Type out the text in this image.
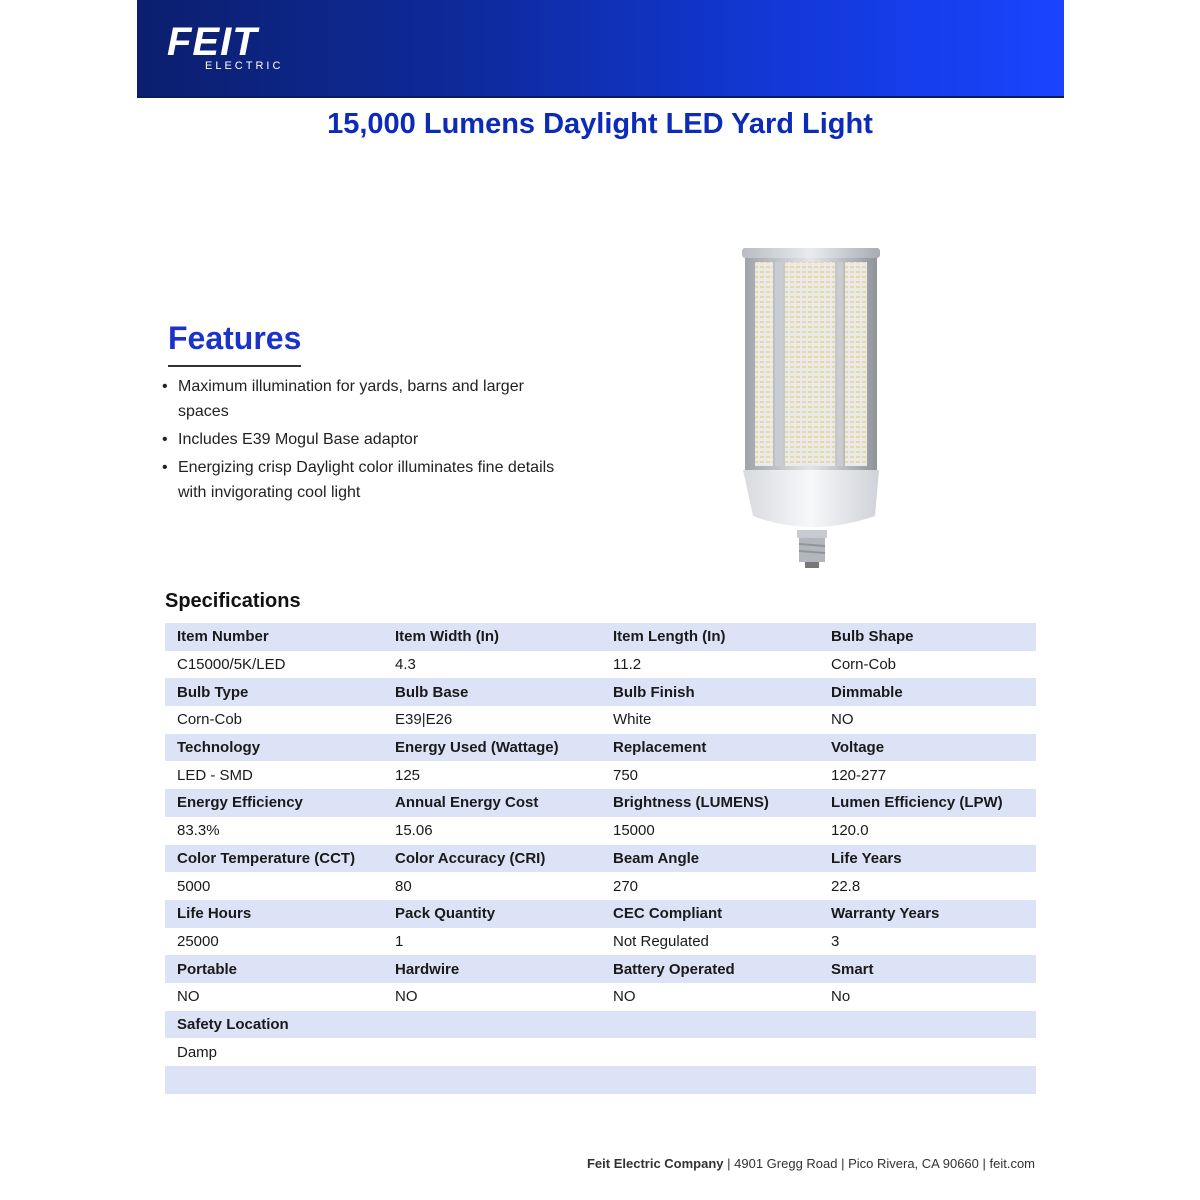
FEIT
ELECTRIC
15,000 Lumens Daylight LED Yard Light
Features
• Maximum illumination for yards, barns and larger spaces
• Includes E39 Mogul Base adaptor
• Energizing crisp Daylight color illuminates fine details with invigorating cool light
Specifications
Item Number	Item Width (In)	Item Length (In)	Bulb Shape
C15000/5K/LED	4.3	11.2	Corn-Cob
Bulb Type	Bulb Base	Bulb Finish	Dimmable
Corn-Cob	E39|E26	White	NO
Technology	Energy Used (Wattage)	Replacement	Voltage
LED - SMD	125	750	120-277
Energy Efficiency	Annual Energy Cost	Brightness (LUMENS)	Lumen Efficiency (LPW)
83.3%	15.06	15000	120.0
Color Temperature (CCT)	Color Accuracy (CRI)	Beam Angle	Life Years
5000	80	270	22.8
Life Hours	Pack Quantity	CEC Compliant	Warranty Years
25000	1	Not Regulated	3
Portable	Hardwire	Battery Operated	Smart
NO	NO	NO	No
Safety Location			
Damp			

Feit Electric Company | 4901 Gregg Road | Pico Rivera, CA 90660 | feit.com
